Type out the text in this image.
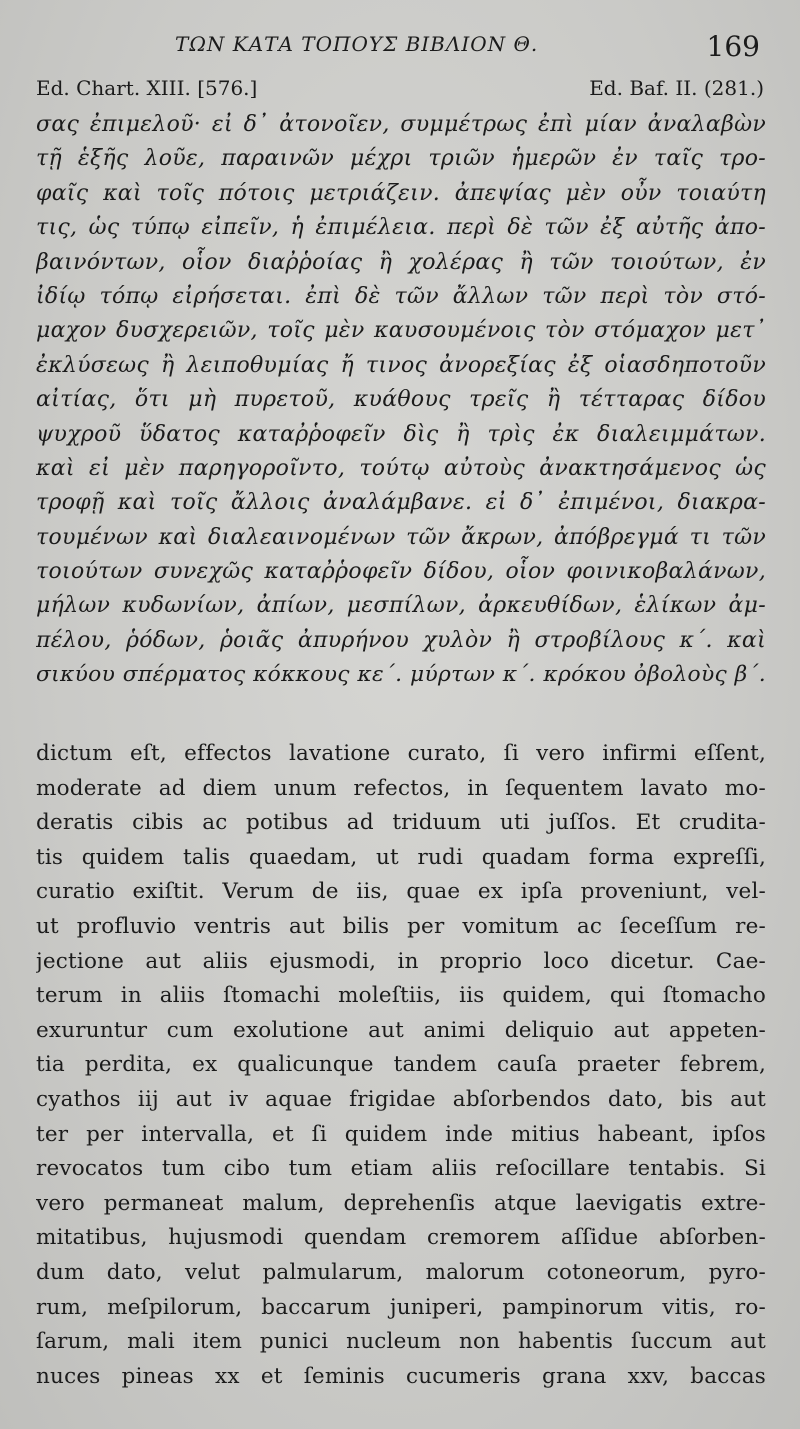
ΤΩΝ ΚΑΤΑ ΤΟΠΟΥΣ ΒΙΒΛΙΟΝ Θ.	169
Ed. Chart. XIII. [576.]	Ed. Baf. II. (281.)
σας ἐπιμελοῦ· εἰ δ᾽ ἀτονοῖεν, συμμέτρως ἐπὶ μίαν ἀναλαβὼν
τῇ ἑξῆς λοῦε, παραινῶν μέχρι τριῶν ἡμερῶν ἐν ταῖς τρο-
φαῖς καὶ τοῖς πότοις μετριάζειν. ἀπεψίας μὲν οὖν τοιαύτη
τις, ὡς τύπῳ εἰπεῖν, ἡ ἐπιμέλεια. περὶ δὲ τῶν ἐξ αὐτῆς ἀπο-
βαινόντων, οἷον διαῤῥοίας ἢ χολέρας ἢ τῶν τοιούτων, ἐν
ἰδίῳ τόπῳ εἰρήσεται. ἐπὶ δὲ τῶν ἄλλων τῶν περὶ τὸν στό-
μαχον δυσχερειῶν, τοῖς μὲν καυσουμένοις τὸν στόμαχον μετ᾽
ἐκλύσεως ἢ λειποθυμίας ἤ τινος ἀνορεξίας ἐξ οἱασδηποτοῦν
αἰτίας, ὅτι μὴ πυρετοῦ, κυάθους τρεῖς ἢ τέτταρας δίδου
ψυχροῦ ὕδατος καταῤῥοφεῖν δὶς ἢ τρὶς ἐκ διαλειμμάτων.
καὶ εἰ μὲν παρηγοροῖντο, τούτῳ αὐτοὺς ἀνακτησάμενος ὡς
τροφῇ καὶ τοῖς ἄλλοις ἀναλάμβανε. εἰ δ᾽ ἐπιμένοι, διακρα-
τουμένων καὶ διαλεαινομένων τῶν ἄκρων, ἀπόβρεγμά τι τῶν
τοιούτων συνεχῶς καταῤῥοφεῖν δίδου, οἷον φοινικοβαλάνων,
μήλων κυδωνίων, ἀπίων, μεσπίλων, ἀρκευθίδων, ἑλίκων ἀμ-
πέλου, ῥόδων, ῥοιᾶς ἀπυρήνου χυλὸν ἢ στροβίλους κ΄. καὶ
σικύου σπέρματος κόκκους κε΄. μύρτων κ΄. κρόκου ὀβολοὺς β΄.
dictum eſt, effectos lavatione curato, ſi vero infirmi eſſent,
moderate ad diem unum refectos, in ſequentem lavato mo-
deratis cibis ac potibus ad triduum uti juſſos. Et crudita-
tis quidem talis quaedam, ut rudi quadam forma expreſſi,
curatio exiſtit. Verum de iis, quae ex ipſa proveniunt, vel-
ut profluvio ventris aut bilis per vomitum ac ſeceſſum re-
jectione aut aliis ejusmodi, in proprio loco dicetur. Cae-
terum in aliis ſtomachi moleſtiis, iis quidem, qui ſtomacho
exuruntur cum exolutione aut animi deliquio aut appeten-
tia perdita, ex qualicunque tandem cauſa praeter febrem,
cyathos iij aut iv aquae frigidae abſorbendos dato, bis aut
ter per intervalla, et ſi quidem inde mitius habeant, ipſos
revocatos tum cibo tum etiam aliis reſocillare tentabis. Si
vero permaneat malum, deprehenſis atque laevigatis extre-
mitatibus, hujusmodi quendam cremorem aſſidue abſorben-
dum dato, velut palmularum, malorum cotoneorum, pyro-
rum, meſpilorum, baccarum juniperi, pampinorum vitis, ro-
ſarum, mali item punici nucleum non habentis ſuccum aut
nuces pineas xx et ſeminis cucumeris grana xxv, baccas
